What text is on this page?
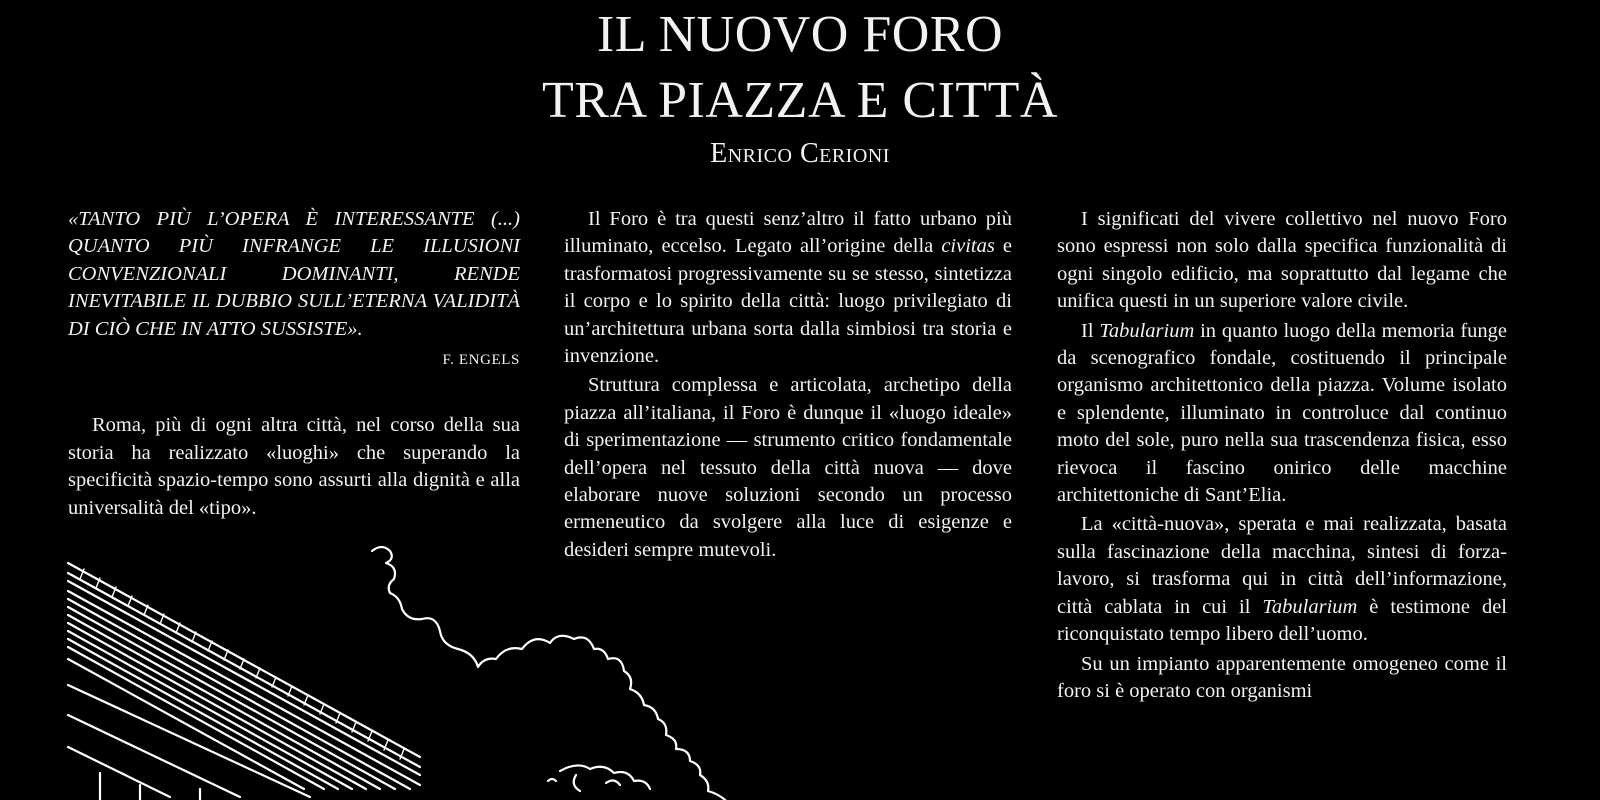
IL NUOVO FORO
TRA PIAZZA E CITTÀ
Enrico Cerioni

«TANTO PIÙ L’OPERA È INTERESSANTE (...) QUANTO PIÙ INFRANGE LE ILLUSIONI CONVENZIONALI DOMINANTI, RENDE INEVITABILE IL DUBBIO SULL’ETERNA VALIDITÀ DI CIÒ CHE IN ATTO SUSSISTE».

F. ENGELS

Roma, più di ogni altra città, nel corso della sua storia ha realizzato «luoghi» che superando la specificità spazio-tempo sono assurti alla dignità e alla universalità del «tipo».

Il Foro è tra questi senz’altro il fatto urbano più illuminato, eccelso. Legato all’origine della civitas e trasformatosi progressivamente su se stesso, sintetizza il corpo e lo spirito della città: luogo privilegiato di un’architettura urbana sorta dalla simbiosi tra storia e invenzione.

Struttura complessa e articolata, archetipo della piazza all’italiana, il Foro è dunque il «luogo ideale» di sperimentazione — strumento critico fondamentale dell’opera nel tessuto della città nuova — dove elaborare nuove soluzioni secondo un processo ermeneutico da svolgere alla luce di esigenze e desideri sempre mutevoli.

I significati del vivere collettivo nel nuovo Foro sono espressi non solo dalla specifica funzionalità di ogni singolo edificio, ma soprattutto dal legame che unifica questi in un superiore valore civile.

Il Tabularium in quanto luogo della memoria funge da scenografico fondale, costituendo il principale organismo architettonico della piazza. Volume isolato e splendente, illuminato in controluce dal continuo moto del sole, puro nella sua trascendenza fisica, esso rievoca il fascino onirico delle macchine architettoniche di Sant’Elia.

La «città-nuova», sperata e mai realizzata, basata sulla fascinazione della macchina, sintesi di forza-lavoro, si trasforma qui in città dell’informazione, città cablata in cui il Tabularium è testimone del riconquistato tempo libero dell’uomo.

Su un impianto apparentemente omogeneo come il foro si è operato con organismi
